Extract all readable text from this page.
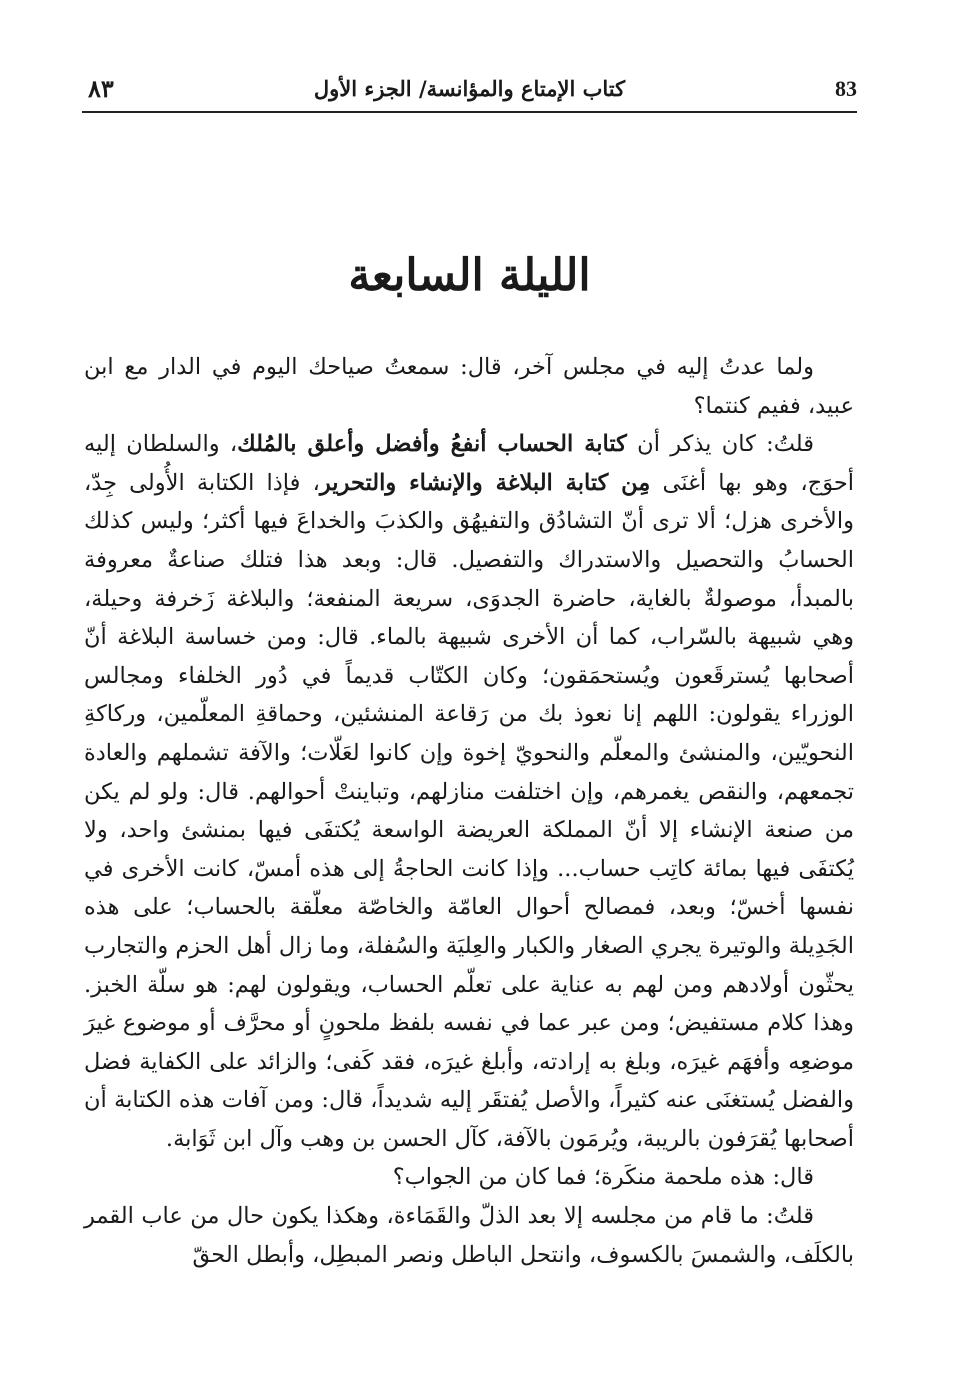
83
كتاب الإمتاع والمؤانسة/ الجزء الأول
٨٣
الليلة السابعة

ولما عدتُ إليه في مجلس آخر، قال: سمعتُ صياحك اليوم في الدار مع ابن عبيد، ففيم كنتما؟

قلتُ: كان يذكر أن كتابة الحساب أنفعُ وأفضل وأعلق بالمُلك، والسلطان إليه أحوَج، وهو بها أغنَى مِن كتابة البلاغة والإنشاء والتحرير، فإذا الكتابة الأُولى جِدّ، والأخرى هزل؛ ألا ترى أنّ التشادُق والتفيهُق والكذبَ والخداعَ فيها أكثر؛ وليس كذلك الحسابُ والتحصيل والاستدراك والتفصيل. قال: وبعد هذا فتلك صناعةٌ معروفة بالمبدأ، موصولةٌ بالغاية، حاضرة الجدوَى، سريعة المنفعة؛ والبلاغة زَخرفة وحيلة، وهي شبيهة بالسّراب، كما أن الأخرى شبيهة بالماء. قال: ومن خساسة البلاغة أنّ أصحابها يُسترقَعون ويُستحمَقون؛ وكان الكتّاب قديماً في دُور الخلفاء ومجالس الوزراء يقولون: اللهم إنا نعوذ بك من رَقاعة المنشئين، وحماقةِ المعلّمين، وركاكةِ النحويّين، والمنشئ والمعلّم والنحويّ إخوة وإن كانوا لعَلّات؛ والآفة تشملهم والعادة تجمعهم، والنقص يغمرهم، وإن اختلفت منازلهم، وتباينتْ أحوالهم. قال: ولو لم يكن من صنعة الإنشاء إلا أنّ المملكة العريضة الواسعة يُكتفَى فيها بمنشئ واحد، ولا يُكتفَى فيها بمائة كاتِب حساب... وإذا كانت الحاجةُ إلى هذه أمسّ، كانت الأخرى في نفسها أخسّ؛ وبعد، فمصالح أحوال العامّة والخاصّة معلّقة بالحساب؛ على هذه الجَدِيلة والوتيرة يجري الصغار والكبار والعِليَة والسُفلة، وما زال أهل الحزم والتجارب يحثّون أولادهم ومن لهم به عناية على تعلّم الحساب، ويقولون لهم: هو سلّة الخبز. وهذا كلام مستفيض؛ ومن عبر عما في نفسه بلفظ ملحونٍ أو محرَّف أو موضوع غيرَ موضعِه وأفهَم غيرَه، وبلغ به إرادته، وأبلغ غيرَه، فقد كَفى؛ والزائد على الكفاية فضل والفضل يُستغنَى عنه كثيراً، والأصل يُفتقَر إليه شديداً، قال: ومن آفات هذه الكتابة أن أصحابها يُقرَفون بالريبة، ويُرمَون بالآفة، كآل الحسن بن وهب وآل ابن ثَوَابة.

قال: هذه ملحمة منكَرة؛ فما كان من الجواب؟

قلتُ: ما قام من مجلسه إلا بعد الذلّ والقَمَاءة، وهكذا يكون حال من عاب القمر بالكلَف، والشمسَ بالكسوف، وانتحل الباطل ونصر المبطِل، وأبطل الحقّ
